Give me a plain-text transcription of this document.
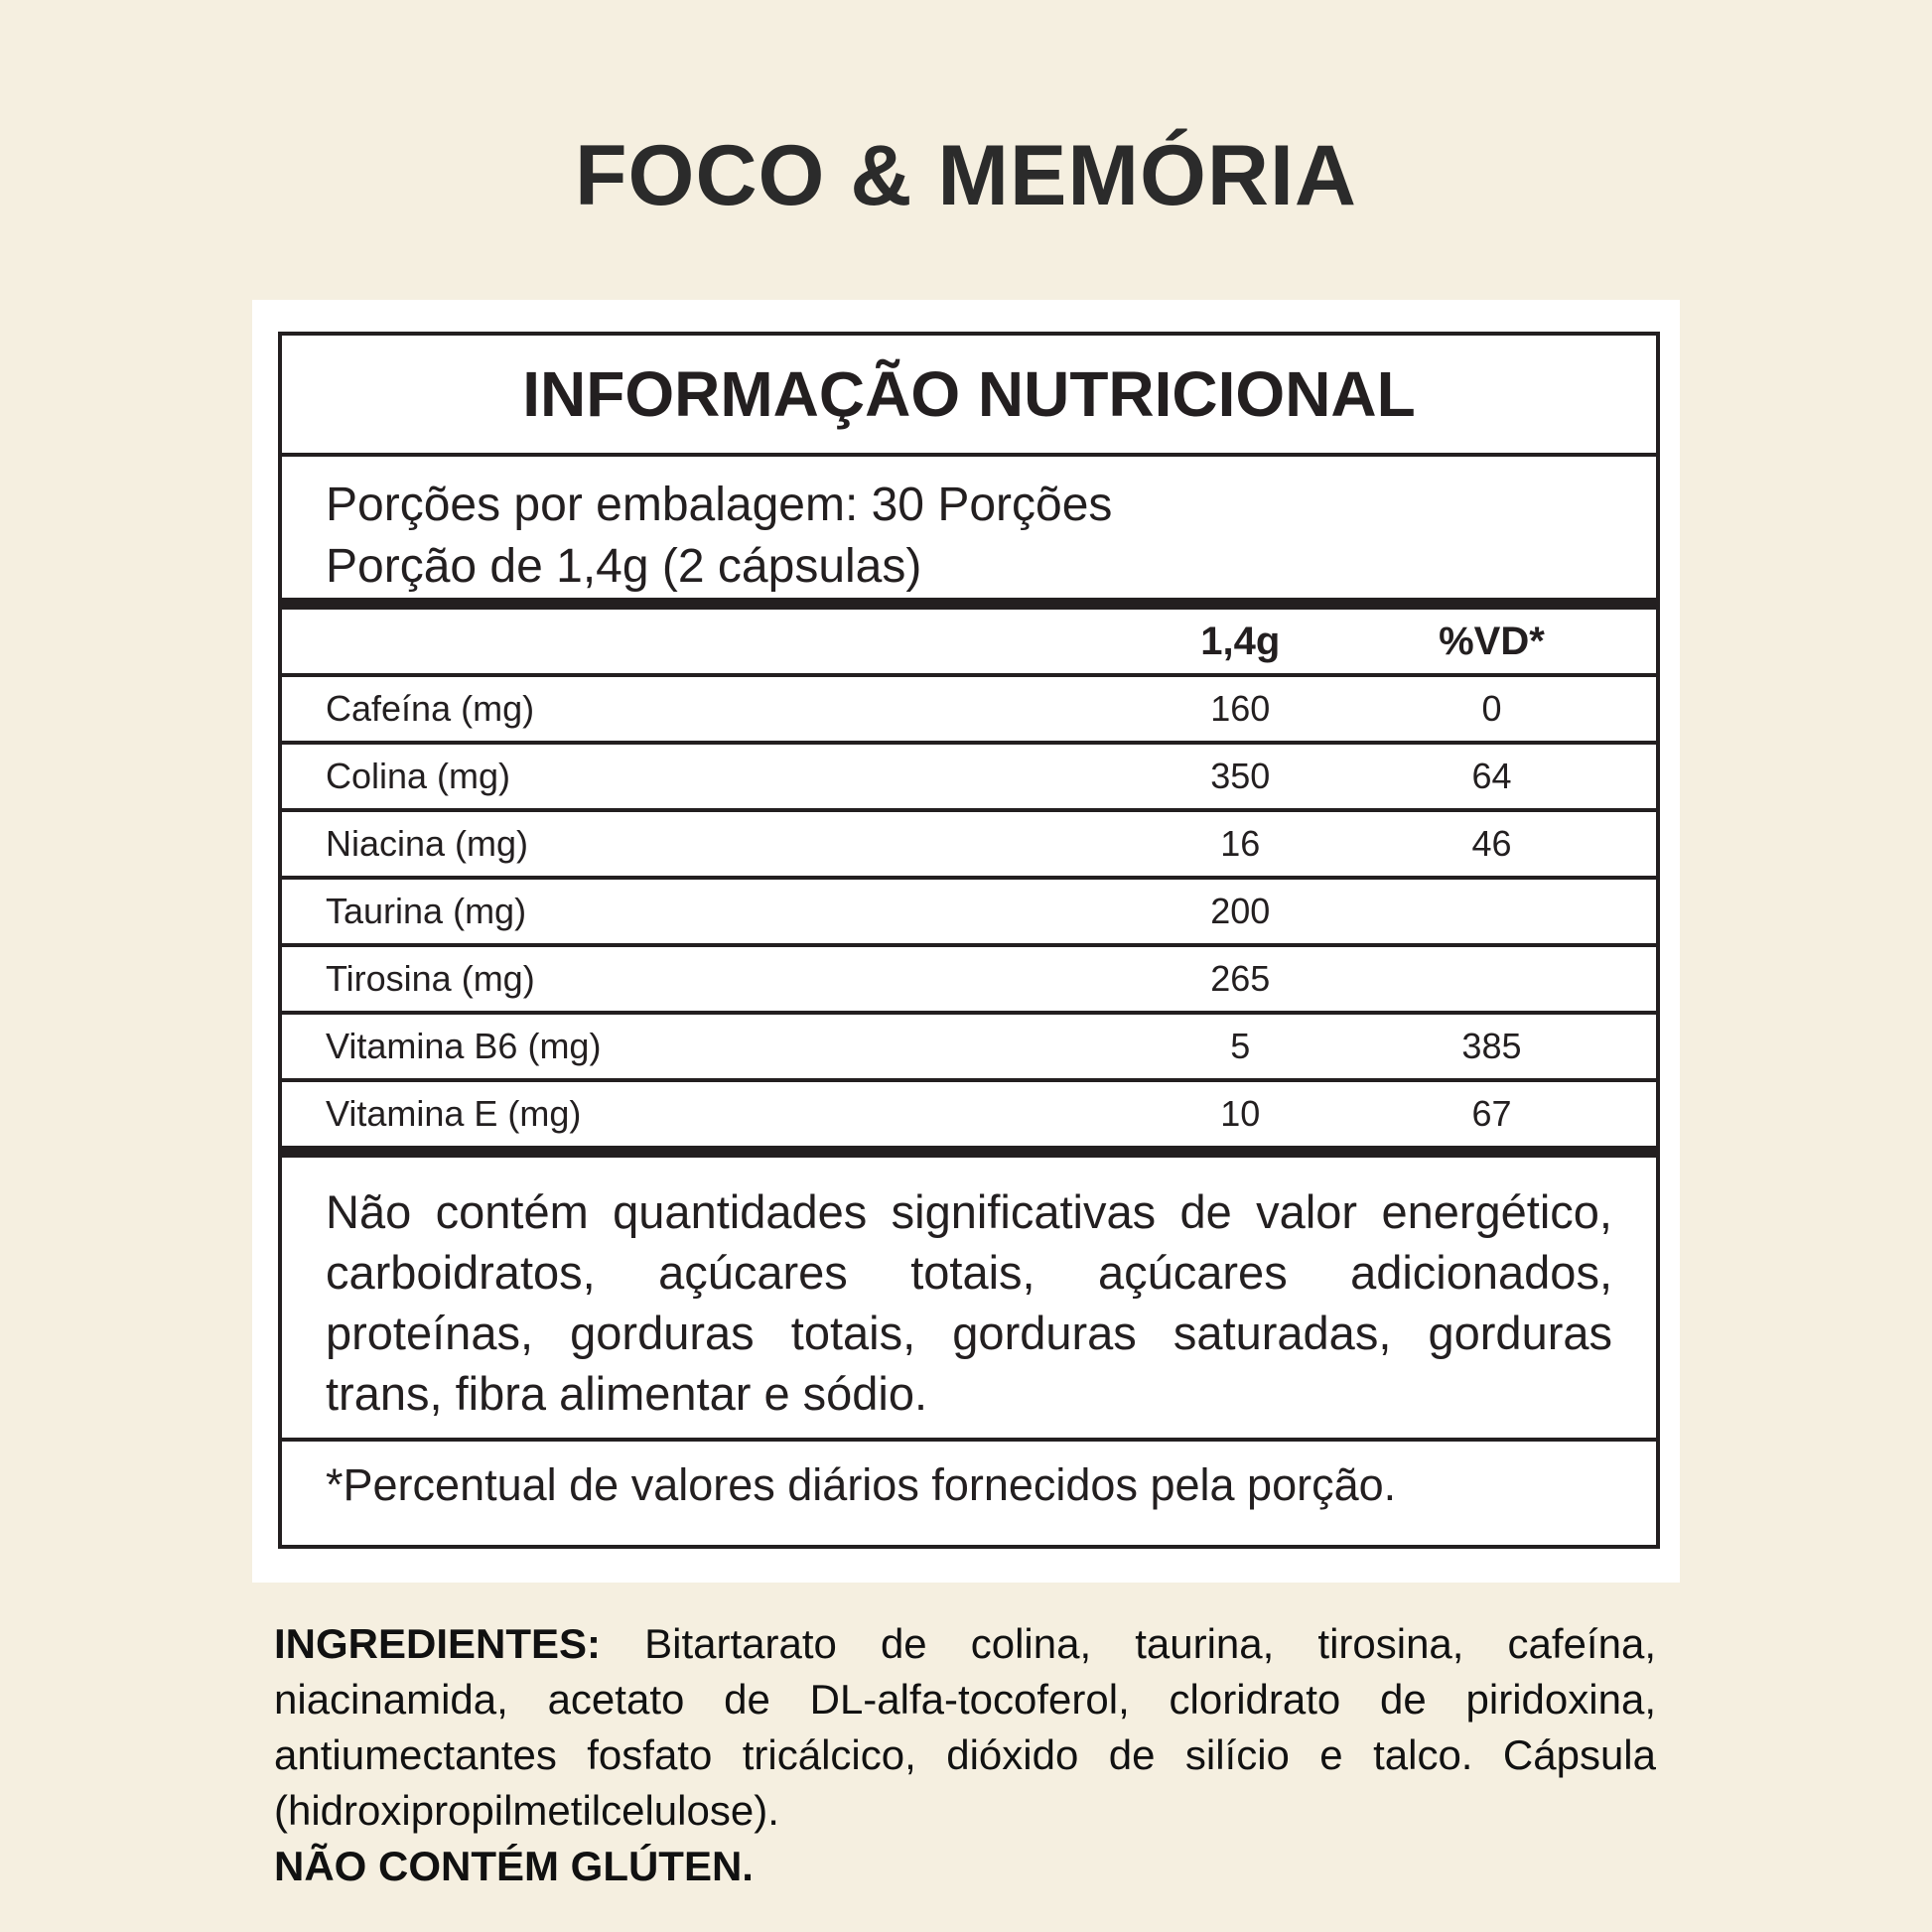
FOCO & MEMÓRIA
INFORMAÇÃO NUTRICIONAL
Porções por embalagem: 30 Porções
Porção de 1,4g (2 cápsulas)
1,4g	%VD*
Cafeína (mg)	160	0
Colina (mg)	350	64
Niacina (mg)	16	46
Taurina (mg)	200
Tirosina (mg)	265
Vitamina B6 (mg)	5	385
Vitamina E (mg)	10	67
Não contém quantidades significativas de valor energético, carboidratos, açúcares totais, açúcares adicionados, proteínas, gorduras totais, gorduras saturadas, gorduras trans, fibra alimentar e sódio.
*Percentual de valores diários fornecidos pela porção.
INGREDIENTES: Bitartarato de colina, taurina, tirosina, cafeína, niacinamida, acetato de DL-alfa-tocoferol, cloridrato de piridoxina, antiumectantes fosfato tricálcico, dióxido de silício e talco. Cápsula (hidroxipropilmetilcelulose).
NÃO CONTÉM GLÚTEN.
